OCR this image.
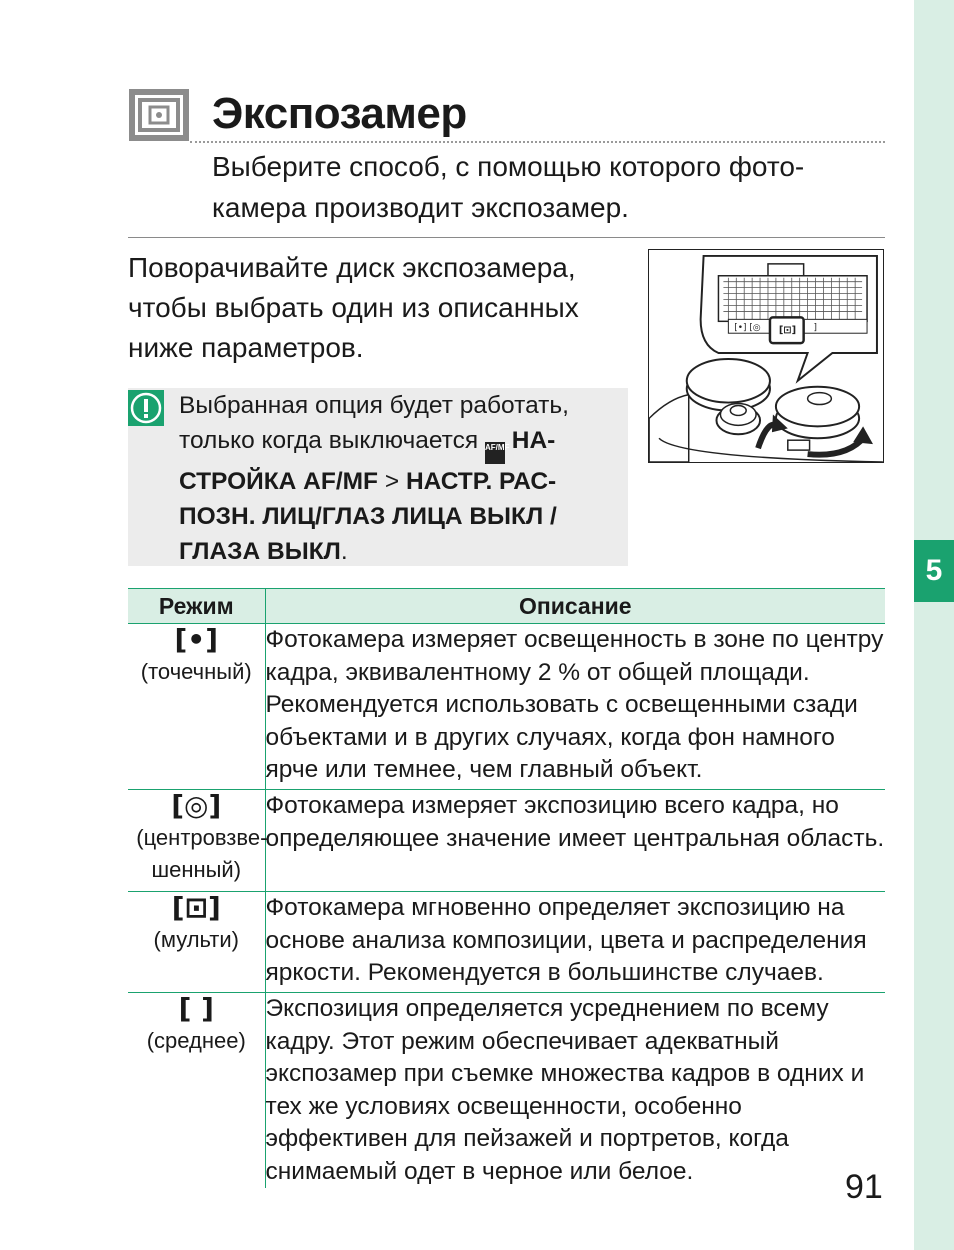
5
Экспозамер

Выберите способ, с помощью которого фото-камера производит экспозамер.

Поворачивайте диск экспозамера, чтобы выбрать один из описанных ниже параметров.

[•] [◎ [⊡] ]

Выбранная опция будет работать, только когда выключается AF/MF НА-СТРОЙКА AF/MF > НАСТР. РАС-ПОЗН. ЛИЦ/ГЛАЗ ЛИЦА ВЫКЛ / ГЛАЗА ВЫКЛ.

Режим	Описание

[•]
(точечный)	Фотокамера измеряет освещенность в зоне по центру кадра, эквивалентному 2 % от общей площади. Рекомендуется использовать с освещенными сзади объектами и в других случаях, когда фон намного ярче или темнее, чем главный объект.

[◎]
(центровзве-шенный)	Фотокамера измеряет экспозицию всего кадра, но определяющее значение имеет центральная область.

[⊡]
(мульти)	Фотокамера мгновенно определяет экспозицию на основе анализа композиции, цвета и распределения яркости. Рекомендуется в большинстве случаев.

[ ]
(среднее)	Экспозиция определяется усреднением по всему кадру. Этот режим обеспечивает адекватный экспозамер при съемке множества кадров в одних и тех же условиях освещенности, особенно эффективен для пейзажей и портретов, когда снимаемый одет в черное или белое.	91
